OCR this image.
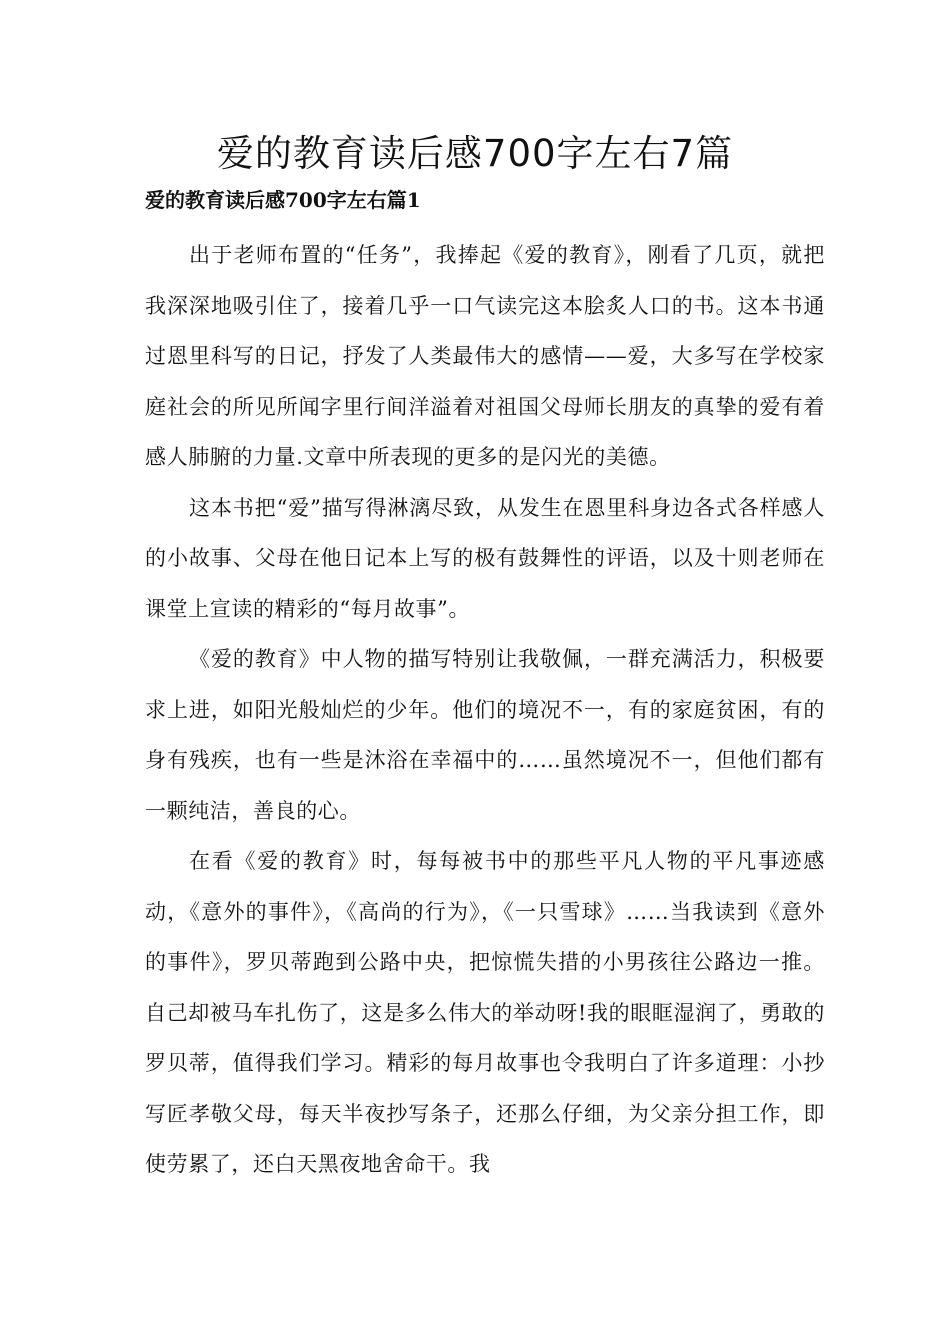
爱的教育读后感700字左右7篇
爱的教育读后感700字左右篇1

出于老师布置的“任务”，我捧起《爱的教育》，刚看了几页，就把我深深地吸引住了，接着几乎一口气读完这本脍炙人口的书。这本书通过恩里科写的日记，抒发了人类最伟大的感情——爱，大多写在学校家庭社会的所见所闻字里行间洋溢着对祖国父母师长朋友的真挚的爱有着感人肺腑的力量.文章中所表现的更多的是闪光的美德。

这本书把“爱”描写得淋漓尽致，从发生在恩里科身边各式各样感人的小故事、父母在他日记本上写的极有鼓舞性的评语，以及十则老师在课堂上宣读的精彩的“每月故事”。

《爱的教育》中人物的描写特别让我敬佩，一群充满活力，积极要求上进，如阳光般灿烂的少年。他们的境况不一，有的家庭贫困，有的身有残疾，也有一些是沐浴在幸福中的……虽然境况不一，但他们都有一颗纯洁，善良的心。

在看《爱的教育》时，每每被书中的那些平凡人物的平凡事迹感动，《意外的事件》，《高尚的行为》，《一只雪球》……当我读到《意外的事件》，罗贝蒂跑到公路中央，把惊慌失措的小男孩往公路边一推。自己却被马车扎伤了，这是多么伟大的举动呀!我的眼眶湿润了，勇敢的罗贝蒂，值得我们学习。精彩的每月故事也令我明白了许多道理：小抄写匠孝敬父母，每天半夜抄写条子，还那么仔细，为父亲分担工作，即使劳累了，还白天黑夜地舍命干。我
